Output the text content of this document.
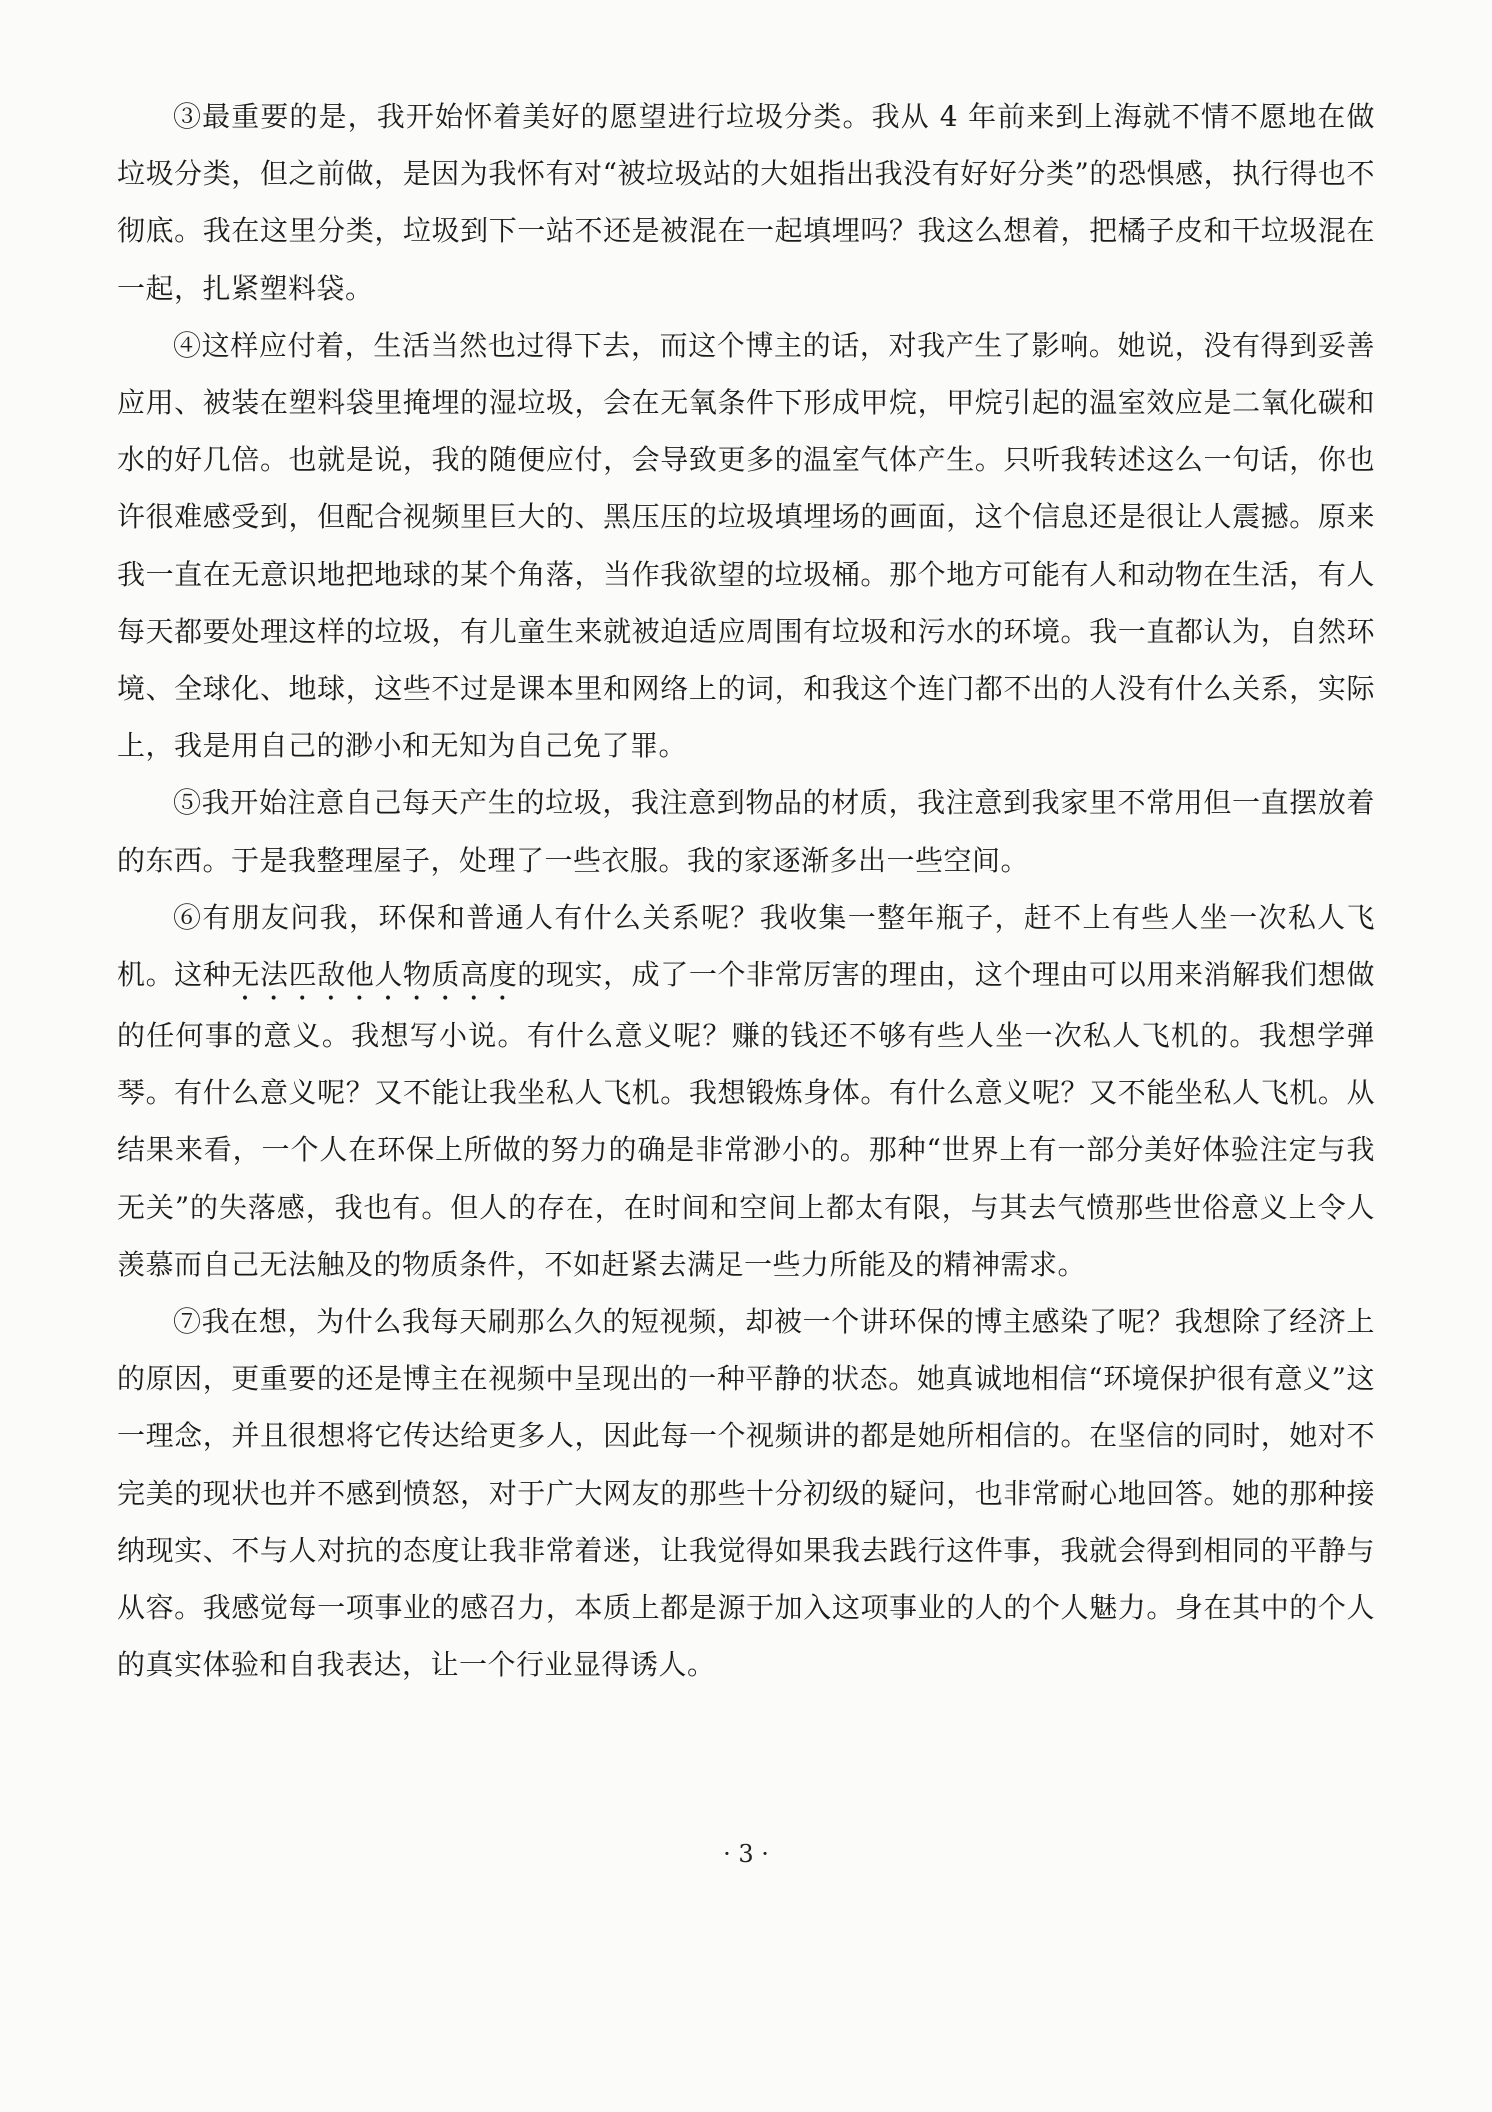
③最重要的是，我开始怀着美好的愿望进行垃圾分类。我从 4 年前来到上海就不情不愿地在做垃圾分类，但之前做，是因为我怀有对“被垃圾站的大姐指出我没有好好分类”的恐惧感，执行得也不彻底。我在这里分类，垃圾到下一站不还是被混在一起填埋吗？我这么想着，把橘子皮和干垃圾混在一起，扎紧塑料袋。

④这样应付着，生活当然也过得下去，而这个博主的话，对我产生了影响。她说，没有得到妥善应用、被装在塑料袋里掩埋的湿垃圾，会在无氧条件下形成甲烷，甲烷引起的温室效应是二氧化碳和水的好几倍。也就是说，我的随便应付，会导致更多的温室气体产生。只听我转述这么一句话，你也许很难感受到，但配合视频里巨大的、黑压压的垃圾填埋场的画面，这个信息还是很让人震撼。原来我一直在无意识地把地球的某个角落，当作我欲望的垃圾桶。那个地方可能有人和动物在生活，有人每天都要处理这样的垃圾，有儿童生来就被迫适应周围有垃圾和污水的环境。我一直都认为，自然环境、全球化、地球，这些不过是课本里和网络上的词，和我这个连门都不出的人没有什么关系，实际上，我是用自己的渺小和无知为自己免了罪。

⑤我开始注意自己每天产生的垃圾，我注意到物品的材质，我注意到我家里不常用但一直摆放着的东西。于是我整理屋子，处理了一些衣服。我的家逐渐多出一些空间。

⑥有朋友问我，环保和普通人有什么关系呢？我收集一整年瓶子，赶不上有些人坐一次私人飞机。这种无法匹敌他人物质高度的现实，成了一个非常厉害的理由，这个理由可以用来消解我们想做的任何事的意义。我想写小说。有什么意义呢？赚的钱还不够有些人坐一次私人飞机的。我想学弹琴。有什么意义呢？又不能让我坐私人飞机。我想锻炼身体。有什么意义呢？又不能坐私人飞机。从结果来看，一个人在环保上所做的努力的确是非常渺小的。那种“世界上有一部分美好体验注定与我无关”的失落感，我也有。但人的存在，在时间和空间上都太有限，与其去气愤那些世俗意义上令人羡慕而自己无法触及的物质条件，不如赶紧去满足一些力所能及的精神需求。

⑦我在想，为什么我每天刷那么久的短视频，却被一个讲环保的博主感染了呢？我想除了经济上的原因，更重要的还是博主在视频中呈现出的一种平静的状态。她真诚地相信“环境保护很有意义”这一理念，并且很想将它传达给更多人，因此每一个视频讲的都是她所相信的。在坚信的同时，她对不完美的现状也并不感到愤怒，对于广大网友的那些十分初级的疑问，也非常耐心地回答。她的那种接纳现实、不与人对抗的态度让我非常着迷，让我觉得如果我去践行这件事，我就会得到相同的平静与从容。我感觉每一项事业的感召力，本质上都是源于加入这项事业的人的个人魅力。身在其中的个人的真实体验和自我表达，让一个行业显得诱人。

· 3 ·
